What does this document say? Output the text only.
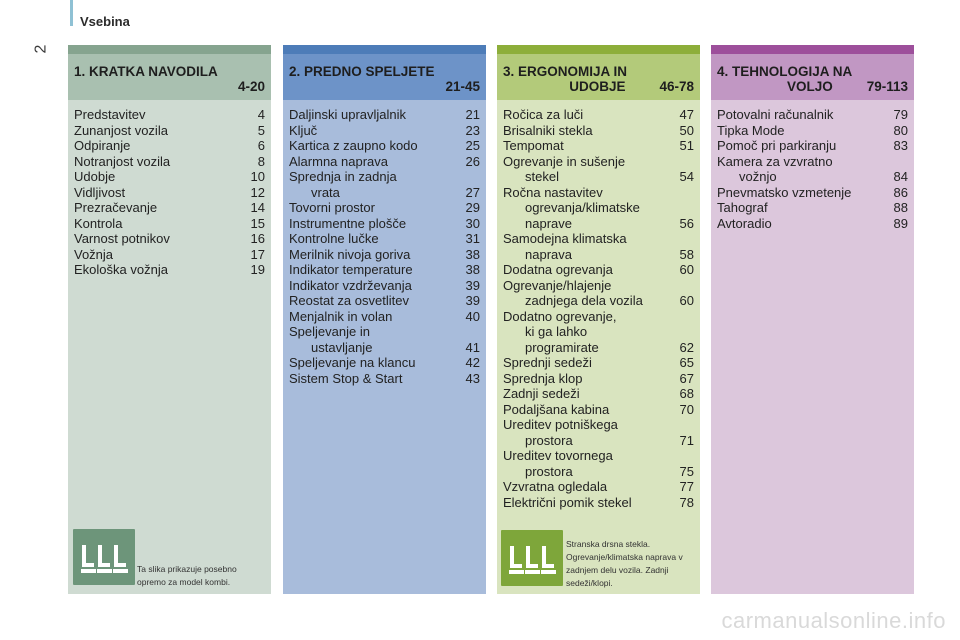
Vsebina
2
1. KRATKA NAVODILA
4-20
Predstavitev	4
Zunanjost vozila	5
Odpiranje	6
Notranjost vozila	8
Udobje	10
Vidljivost	12
Prezračevanje	14
Kontrola	15
Varnost potnikov	16
Vožnja	17
Ekološka vožnja	19
2. PREDNO SPELJETE
21-45
Daljinski upravljalnik	21
Ključ	23
Kartica z zaupno kodo	25
Alarmna naprava	26
Sprednja in zadnja
vrata	27
Tovorni prostor	29
Instrumentne plošče	30
Kontrolne lučke	31
Merilnik nivoja goriva	38
Indikator temperature	38
Indikator vzdrževanja	39
Reostat za osvetlitev	39
Menjalnik in volan	40
Speljevanje in
ustavljanje	41
Speljevanje na klancu	42
Sistem Stop & Start	43
3. ERGONOMIJA IN
UDOBJE	46-78
Ročica za luči	47
Brisalniki stekla	50
Tempomat	51
Ogrevanje in sušenje
stekel	54
Ročna nastavitev
ogrevanja/klimatske
naprave	56
Samodejna klimatska
naprava	58
Dodatna ogrevanja	60
Ogrevanje/hlajenje
zadnjega dela vozila	60
Dodatno ogrevanje,
ki ga lahko
programirate	62
Sprednji sedeži	65
Sprednja klop	67
Zadnji sedeži	68
Podaljšana kabina	70
Ureditev potniškega
prostora	71
Ureditev tovornega
prostora	75
Vzvratna ogledala	77
Električni pomik stekel	78
4. TEHNOLOGIJA NA
VOLJO	79-113
Potovalni računalnik	79
Tipka Mode	80
Pomoč pri parkiranju	83
Kamera za vzvratno
vožnjo	84
Pnevmatsko vzmetenje	86
Tahograf	88
Avtoradio	89
Ta slika prikazuje posebno opremo za model kombi.
Stranska drsna stekla. Ogrevanje/klimatska naprava v zadnjem delu vozila. Zadnji sedeži/klopi.
carmanualsonline.info
